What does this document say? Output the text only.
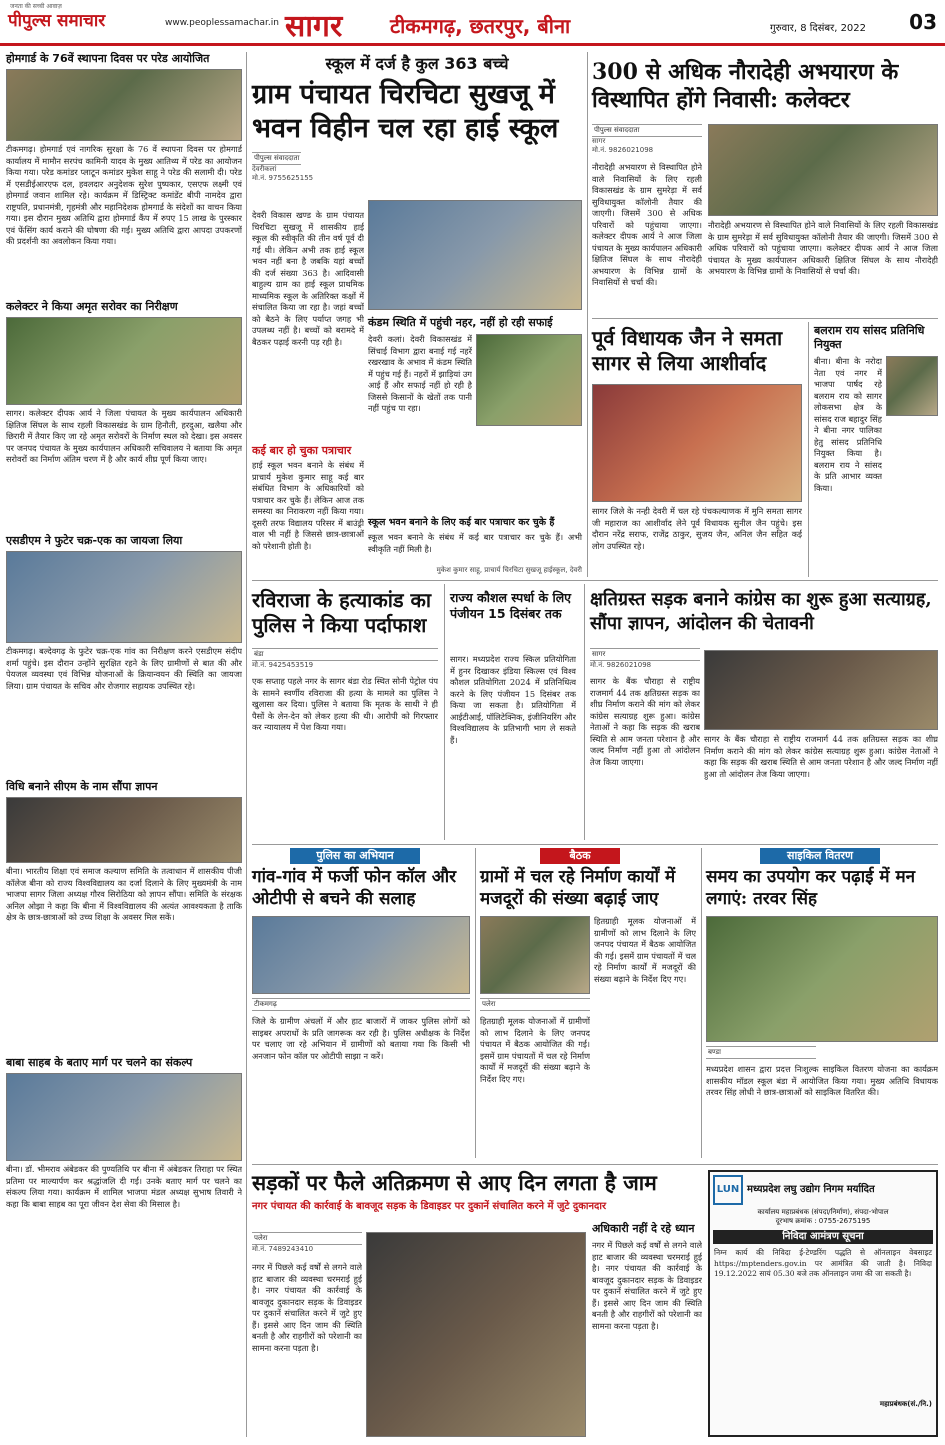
जनता की सच्ची आवाज़
पीपुल्स समाचार	www.peoplessamachar.in सागर टीकमगढ़, छतरपुर, बीना	गुरुवार, 8 दिसंबर, 2022 03
होमगार्ड के 76वें स्थापना दिवस पर परेड आयोजित
टीकमगढ़। होमगार्ड एवं नागरिक सुरक्षा के 76 वें स्थापना दिवस पर होमगार्ड कार्यालय में मामौन सरपंच कामिनी यादव के मुख्य आतिथ्य में परेड का आयोजन किया गया। परेड कमांडर प्लाटून कमांडर मुकेश साहू ने परेड की सलामी दी। परेड में एसडीईआरएफ दल, हवलदार अनुदेशक सुरेश पुष्पकार, एसएफ लक्ष्मी एवं होमगार्ड जवान शामिल रहे। कार्यक्रम में डिस्ट्रिक्ट कमांडेंट बीपी नामदेव द्वारा राष्ट्रपति, प्रधानमंत्री, गृहमंत्री और महानिदेशक होमगार्ड के संदेशों का वाचन किया गया। इस दौरान मुख्य अतिथि द्वारा होमगार्ड कैंप में रुपए 15 लाख के पुरस्कार एवं फेंसिंग कार्य कराने की घोषणा की गई। मुख्य अतिथि द्वारा आपदा उपकरणों की प्रदर्शनी का अवलोकन किया गया।
कलेक्टर ने किया अमृत सरोवर का निरीक्षण
सागर। कलेक्टर दीपक आर्य ने जिला पंचायत के मुख्य कार्यपालन अधिकारी क्षितिज सिंघल के साथ रहली विकासखंड के ग्राम हिनौती, हरदुआ, खलैया और छिरारी में तैयार किए जा रहे अमृत सरोवरों के निर्माण स्थल को देखा। इस अवसर पर जनपद पंचायत के मुख्य कार्यपालन अधिकारी सचिवालय ने बताया कि अमृत सरोवरों का निर्माण अंतिम चरण में है और कार्य शीघ्र पूर्ण किया जाए।
एसडीएम ने फुटेर चक्र-एक का जायजा लिया
टीकमगढ़। बल्देवगढ़ के फुटेर चक्र-एक गांव का निरीक्षण करने एसडीएम संदीप शर्मा पहुंचे। इस दौरान उन्होंने सुरक्षित रहने के लिए ग्रामीणों से बात की और पेयजल व्यवस्था एवं विभिन्न योजनाओं के क्रियान्वयन की स्थिति का जायजा लिया। ग्राम पंचायत के सचिव और रोजगार सहायक उपस्थित रहे।
विधि बनाने सीएम के नाम सौंपा ज्ञापन
बीना। भारतीय शिक्षा एवं समाज कल्याण समिति के तत्वाधान में शासकीय पीजी कॉलेज बीना को राज्य विश्वविद्यालय का दर्जा दिलाने के लिए मुख्यमंत्री के नाम भाजपा सागर जिला अध्यक्ष गौरव सिरोठिया को ज्ञापन सौंपा। समिति के संरक्षक अनिल ओझा ने कहा कि बीना में विश्वविद्यालय की अत्यंत आवश्यकता है ताकि क्षेत्र के छात्र-छात्राओं को उच्च शिक्षा के अवसर मिल सकें।
बाबा साहब के बताए मार्ग पर चलने का संकल्प
बीना। डॉ. भीमराव अंबेडकर की पुण्यतिथि पर बीना में अंबेडकर तिराहा पर स्थित प्रतिमा पर माल्यार्पण कर श्रद्धांजलि दी गई। उनके बताए मार्ग पर चलने का संकल्प लिया गया। कार्यक्रम में शामिल भाजपा मंडल अध्यक्ष सुभाष तिवारी ने कहा कि बाबा साहब का पूरा जीवन देश सेवा की मिसाल है।
स्कूल में दर्ज है कुल 363 बच्चे
ग्राम पंचायत चिरचिटा सुखजू में भवन विहीन चल रहा हाई स्कूल
पीपुल्स संवाददाता
देवरीकलां
मो.नं. 9755625155
देवरी विकास खण्ड के ग्राम पंचायत चिरचिटा सुखजू में शासकीय हाई स्कूल की स्वीकृति की तीन वर्ष पूर्व दी गई थी। लेकिन अभी तक हाई स्कूल भवन नहीं बना है जबकि यहां बच्चों की दर्ज संख्या 363 है। आदिवासी बाहुल्य ग्राम का हाई स्कूल प्राथमिक माध्यमिक स्कूल के अतिरिक्त कक्षों में संचालित किया जा रहा है। जहां बच्चों को बैठने के लिए पर्याप्त जगह भी उपलब्ध नहीं है। बच्चों को बरामदे में बैठकर पढ़ाई करनी पड़ रही है।
कई बार हो चुका पत्राचार
हाई स्कूल भवन बनाने के संबंध में प्राचार्य मुकेश कुमार साहू कई बार संबंधित विभाग के अधिकारियों को पत्राचार कर चुके हैं। लेकिन आज तक समस्या का निराकरण नहीं किया गया। दूसरी तरफ विद्यालय परिसर में बाउंड्री वाल भी नहीं है जिससे छात्र-छात्राओं को परेशानी होती है।
कंडम स्थिति में पहुंची नहर, नहीं हो रही सफाई
देवरी कलां। देवरी विकासखंड में सिंचाई विभाग द्वारा बनाई गई नहरें रखरखाव के अभाव में कंडम स्थिति में पहुंच गई हैं। नहरों में झाड़ियां उग आई हैं और सफाई नहीं हो रही है जिससे किसानों के खेतों तक पानी नहीं पहुंच पा रहा।
स्कूल भवन बनाने के लिए कई बार पत्राचार कर चुके हैं
स्कूल भवन बनाने के संबंध में कई बार पत्राचार कर चुके हैं। अभी स्वीकृति नहीं मिली है।
मुकेश कुमार साहू, प्राचार्य चिरचिटा सुखजू हाईस्कूल, देवरी
300 से अधिक नौरादेही अभयारण के विस्थापित होंगे निवासी: कलेक्टर
पीपुल्स संवाददाता
सागर
मो.नं. 9826021098
नौरादेही अभयारण से विस्थापित होने वाले निवासियों के लिए रहली विकासखंड के ग्राम सुमरेड़ा में सर्व सुविधायुक्त कॉलोनी तैयार की जाएगी। जिसमें 300 से अधिक परिवारों को पहुंचाया जाएगा। कलेक्टर दीपक आर्य ने आज जिला पंचायत के मुख्य कार्यपालन अधिकारी क्षितिज सिंघल के साथ नौरादेही अभयारण के विभिन्न ग्रामों के निवासियों से चर्चा की।
नौरादेही अभयारण से विस्थापित होने वाले निवासियों के लिए रहली विकासखंड के ग्राम सुमरेड़ा में सर्व सुविधायुक्त कॉलोनी तैयार की जाएगी। जिसमें 300 से अधिक परिवारों को पहुंचाया जाएगा। कलेक्टर दीपक आर्य ने आज जिला पंचायत के मुख्य कार्यपालन अधिकारी क्षितिज सिंघल के साथ नौरादेही अभयारण के विभिन्न ग्रामों के निवासियों से चर्चा की।
पूर्व विधायक जैन ने समता सागर से लिया आशीर्वाद
सागर जिले के नन्ही देवरी में चल रहे पंचकल्याणक में मुनि समता सागर जी महाराज का आशीर्वाद लेने पूर्व विधायक सुनील जैन पहुंचे। इस दौरान नरेंद्र सराफ, राजेंद्र ठाकुर, सुजय जैन, अनिल जैन सहित कई लोग उपस्थित रहे।
बलराम राय सांसद प्रतिनिधि नियुक्त
बीना। बीना के नरोदा नेता एवं नगर में भाजपा पार्षद रहे बलराम राय को सागर लोकसभा क्षेत्र के सांसद राज बहादुर सिंह ने बीना नगर पालिका हेतु सांसद प्रतिनिधि नियुक्त किया है। बलराम राय ने सांसद के प्रति आभार व्यक्त किया।
रविराजा के हत्याकांड का पुलिस ने किया पर्दाफाश
बंडा
मो.नं. 9425453519
एक सप्ताह पहले नगर के सागर बंडा रोड स्थित सोनी पेट्रोल पंप के सामने स्वर्णीय रविराजा की हत्या के मामले का पुलिस ने खुलासा कर दिया। पुलिस ने बताया कि मृतक के साथी ने ही पैसों के लेन-देन को लेकर हत्या की थी। आरोपी को गिरफ्तार कर न्यायालय में पेश किया गया।
राज्य कौशल स्पर्धा के लिए पंजीयन 15 दिसंबर तक
सागर। मध्यप्रदेश राज्य स्किल प्रतियोगिता में हुनर दिखाकर इंडिया स्किल्स एवं विश्व कौशल प्रतियोगिता 2024 में प्रतिनिधित्व करने के लिए पंजीयन 15 दिसंबर तक किया जा सकता है। प्रतियोगिता में आईटीआई, पॉलिटेक्निक, इंजीनियरिंग और विश्वविद्यालय के प्रतिभागी भाग ले सकते हैं।
क्षतिग्रस्त सड़क बनाने कांग्रेस का शुरू हुआ सत्याग्रह, सौंपा ज्ञापन, आंदोलन की चेतावनी
सागर
मो.नं. 9826021098
सागर के बैंक चौराहा से राष्ट्रीय राजमार्ग 44 तक क्षतिग्रस्त सड़क का शीघ्र निर्माण कराने की मांग को लेकर कांग्रेस सत्याग्रह शुरू हुआ। कांग्रेस नेताओं ने कहा कि सड़क की खराब स्थिति से आम जनता परेशान है और जल्द निर्माण नहीं हुआ तो आंदोलन तेज किया जाएगा।
सागर के बैंक चौराहा से राष्ट्रीय राजमार्ग 44 तक क्षतिग्रस्त सड़क का शीघ्र निर्माण कराने की मांग को लेकर कांग्रेस सत्याग्रह शुरू हुआ। कांग्रेस नेताओं ने कहा कि सड़क की खराब स्थिति से आम जनता परेशान है और जल्द निर्माण नहीं हुआ तो आंदोलन तेज किया जाएगा।
पुलिस का अभियान
गांव-गांव में फर्जी फोन कॉल और ओटीपी से बचने की सलाह
टीकमगढ़
जिले के ग्रामीण अंचलों में और हाट बाजारों में जाकर पुलिस लोगों को साइबर अपराधों के प्रति जागरूक कर रही है। पुलिस अधीक्षक के निर्देश पर चलाए जा रहे अभियान में ग्रामीणों को बताया गया कि किसी भी अनजान फोन कॉल पर ओटीपी साझा न करें।
बैठक
ग्रामों में चल रहे निर्माण कार्यों में मजदूरों की संख्या बढ़ाई जाए
पलेरा
हितग्राही मूलक योजनाओं में ग्रामीणों को लाभ दिलाने के लिए जनपद पंचायत में बैठक आयोजित की गई। इसमें ग्राम पंचायतों में चल रहे निर्माण कार्यों में मजदूरों की संख्या बढ़ाने के निर्देश दिए गए।
हितग्राही मूलक योजनाओं में ग्रामीणों को लाभ दिलाने के लिए जनपद पंचायत में बैठक आयोजित की गई। इसमें ग्राम पंचायतों में चल रहे निर्माण कार्यों में मजदूरों की संख्या बढ़ाने के निर्देश दिए गए।
साइकिल वितरण
समय का उपयोग कर पढ़ाई में मन लगाएं: तरवर सिंह
बण्डा
मध्यप्रदेश शासन द्वारा प्रदत्त निःशुल्क साइकिल वितरण योजना का कार्यक्रम शासकीय मॉडल स्कूल बंडा में आयोजित किया गया। मुख्य अतिथि विधायक तरवर सिंह लोधी ने छात्र-छात्राओं को साइकिल वितरित की।
सड़कों पर फैले अतिक्रमण से आए दिन लगता है जाम
नगर पंचायत की कार्रवाई के बावजूद सड़क के डिवाइडर पर दुकानें संचालित करने में जुटे दुकानदार
पलेरा
मो.नं. 7489243410
नगर में पिछले कई वर्षों से लगने वाले हाट बाजार की व्यवस्था चरमराई हुई है। नगर पंचायत की कार्रवाई के बावजूद दुकानदार सड़क के डिवाइडर पर दुकानें संचालित करने में जुटे हुए हैं। इससे आए दिन जाम की स्थिति बनती है और राहगीरों को परेशानी का सामना करना पड़ता है।
अधिकारी नहीं दे रहे ध्यान
नगर में पिछले कई वर्षों से लगने वाले हाट बाजार की व्यवस्था चरमराई हुई है। नगर पंचायत की कार्रवाई के बावजूद दुकानदार सड़क के डिवाइडर पर दुकानें संचालित करने में जुटे हुए हैं। इससे आए दिन जाम की स्थिति बनती है और राहगीरों को परेशानी का सामना करना पड़ता है।
LUN मध्यप्रदेश लघु उद्योग निगम मर्यादित
कार्यालय महाप्रबंधक (संपदा/निर्माण), संपदा-भोपाल
दूरभाष क्रमांक : 0755-2675195
निविदा आमंत्रण सूचना
निम्न कार्य की निविदा ई-टेण्डरिंग पद्धति से ऑनलाइन वेबसाइट https://mptenders.gov.in पर आमंत्रित की जाती है। निविदा 19.12.2022 सायं 05.30 बजे तक ऑनलाइन जमा की जा सकती है।
महाप्रबंधक(सं./नि.)
